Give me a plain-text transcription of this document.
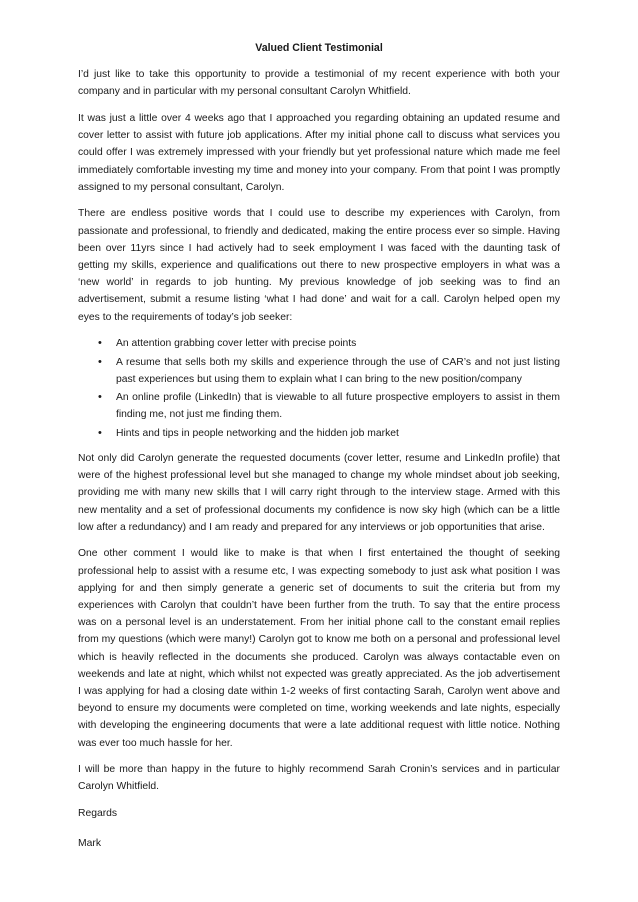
Valued Client Testimonial

I’d just like to take this opportunity to provide a testimonial of my recent experience with both your company and in particular with my personal consultant Carolyn Whitfield.

It was just a little over 4 weeks ago that I approached you regarding obtaining an updated resume and cover letter to assist with future job applications. After my initial phone call to discuss what services you could offer I was extremely impressed with your friendly but yet professional nature which made me feel immediately comfortable investing my time and money into your company. From that point I was promptly assigned to my personal consultant, Carolyn.

There are endless positive words that I could use to describe my experiences with Carolyn, from passionate and professional, to friendly and dedicated, making the entire process ever so simple. Having been over 11yrs since I had actively had to seek employment I was faced with the daunting task of getting my skills, experience and qualifications out there to new prospective employers in what was a ‘new world’ in regards to job hunting. My previous knowledge of job seeking was to find an advertisement, submit a resume listing ‘what I had done’ and wait for a call. Carolyn helped open my eyes to the requirements of today’s job seeker:

• An attention grabbing cover letter with precise points
• A resume that sells both my skills and experience through the use of CAR’s and not just listing past experiences but using them to explain what I can bring to the new position/company
• An online profile (LinkedIn) that is viewable to all future prospective employers to assist in them finding me, not just me finding them.
• Hints and tips in people networking and the hidden job market

Not only did Carolyn generate the requested documents (cover letter, resume and LinkedIn profile) that were of the highest professional level but she managed to change my whole mindset about job seeking, providing me with many new skills that I will carry right through to the interview stage. Armed with this new mentality and a set of professional documents my confidence is now sky high (which can be a little low after a redundancy) and I am ready and prepared for any interviews or job opportunities that arise.

One other comment I would like to make is that when I first entertained the thought of seeking professional help to assist with a resume etc, I was expecting somebody to just ask what position I was applying for and then simply generate a generic set of documents to suit the criteria but from my experiences with Carolyn that couldn’t have been further from the truth. To say that the entire process was on a personal level is an understatement. From her initial phone call to the constant email replies from my questions (which were many!) Carolyn got to know me both on a personal and professional level which is heavily reflected in the documents she produced. Carolyn was always contactable even on weekends and late at night, which whilst not expected was greatly appreciated. As the job advertisement I was applying for had a closing date within 1-2 weeks of first contacting Sarah, Carolyn went above and beyond to ensure my documents were completed on time, working weekends and late nights, especially with developing the engineering documents that were a late additional request with little notice. Nothing was ever too much hassle for her.

I will be more than happy in the future to highly recommend Sarah Cronin’s services and in particular Carolyn Whitfield.

Regards
Mark
